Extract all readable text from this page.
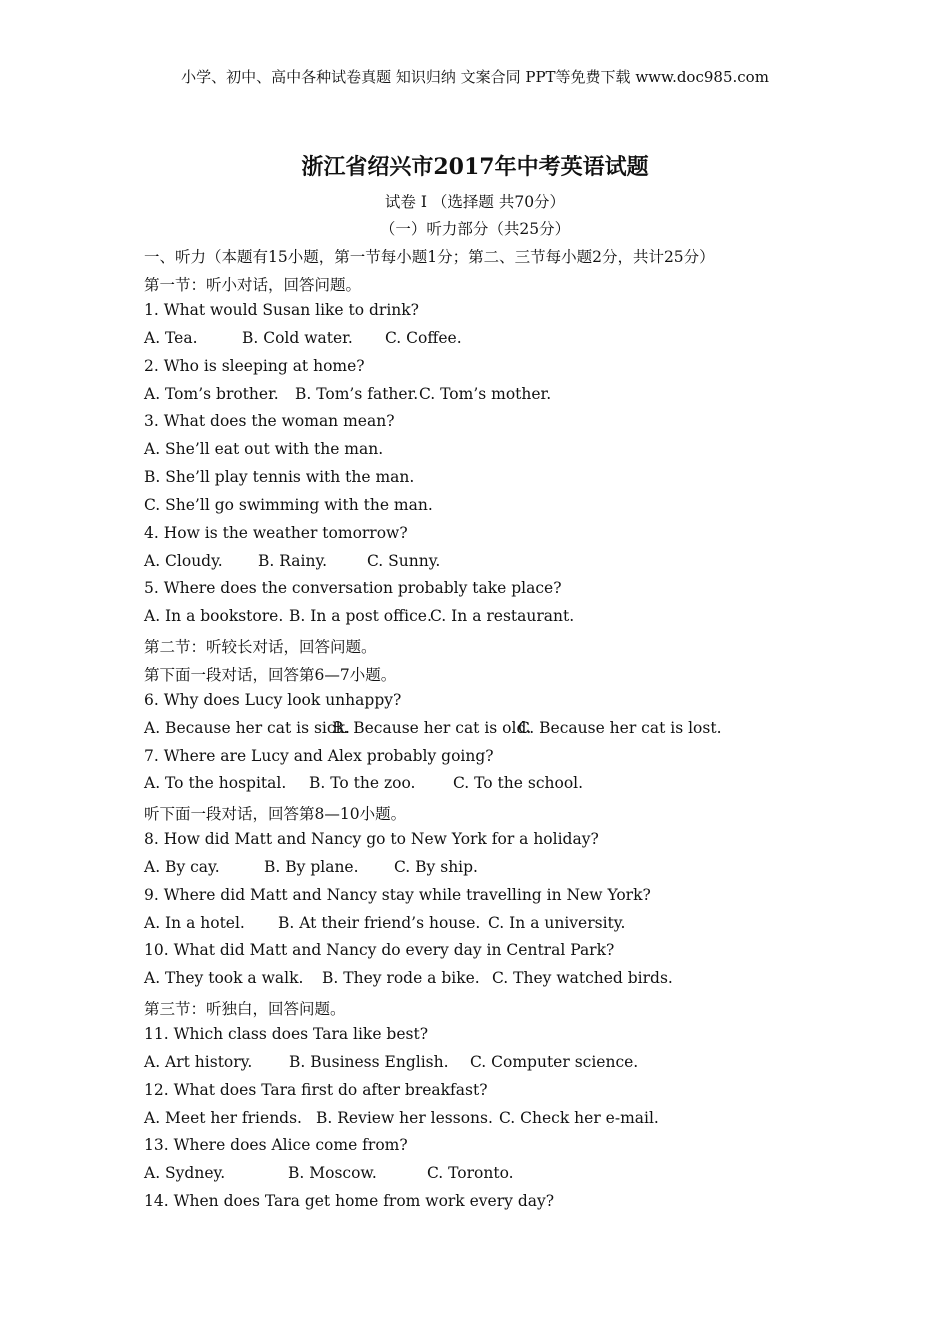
小学、初中、高中各种试卷真题 知识归纳 文案合同 PPT等免费下载 www.doc985.com
浙江省绍兴市2017年中考英语试题
试卷 I （选择题 共70分）
（一）听力部分（共25分）
一、听力（本题有15小题，第一节每小题1分；第二、三节每小题2分，共计25分）
第一节：听小对话，回答问题。
1. What would Susan like to drink?
A. Tea.	B. Cold water. C. Coffee.
2. Who is sleeping at home?
A. Tom’s brother. B. Tom’s father. C. Tom’s mother.
3. What does the woman mean?
A. She’ll eat out with the man.
B. She’ll play tennis with the man.
C. She’ll go swimming with the man.
4. How is the weather tomorrow?
A. Cloudy. B. Rainy.	C. Sunny.
5. Where does the conversation probably take place?
A. In a bookstore. B. In a post office.
C. In a restaurant.
第二节：听较长对话，回答问题。
第下面一段对话，回答第6—7小题。
6. Why does Lucy look unhappy?
A. Because her cat is sick.
B. Because her cat is old.
C. Because her cat is lost.
7. Where are Lucy and Alex probably going?
A. To the hospital. B. To the zoo. C. To the school.
听下面一段对话，回答第8—10小题。
8. How did Matt and Nancy go to New York for a holiday?
A. By cay.	B. By plane. C. By ship.
9. Where did Matt and Nancy stay while travelling in New York?
A. In a hotel. B. At their friend’s house. C. In a university.
10. What did Matt and Nancy do every day in Central Park?
A. They took a walk. B. They rode a bike. C. They watched birds.
第三节：听独白，回答问题。
11. Which class does Tara like best?
A. Art history. B. Business English. C. Computer science.
12. What does Tara first do after breakfast?
A. Meet her friends. B. Review her lessons. C. Check her e-mail.
13. Where does Alice come from?
A. Sydney.	B. Moscow.	C. Toronto.
14. When does Tara get home from work every day?
